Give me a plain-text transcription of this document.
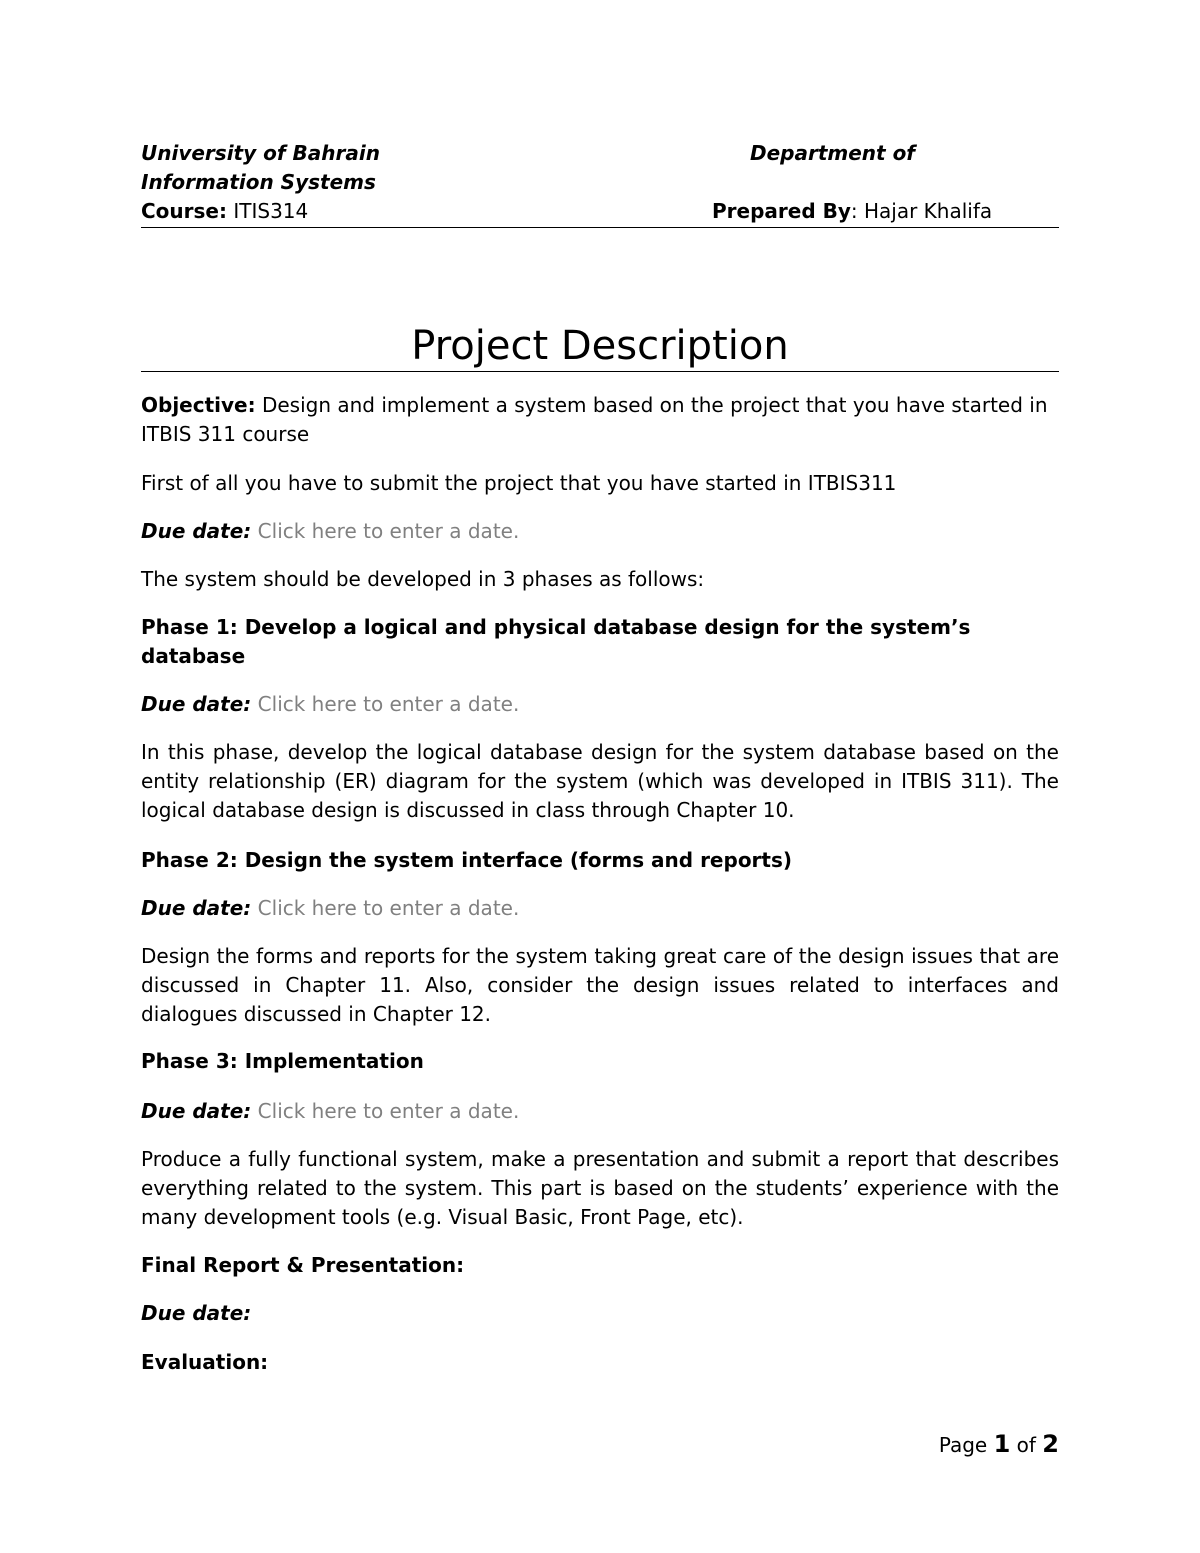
University of Bahrain	Department of
Information Systems
Course: ITIS314	Prepared By: Hajar Khalifa
Project Description
Objective: Design and implement a system based on the project that you have started in ITBIS 311 course
First of all you have to submit the project that you have started in ITBIS311
Due date: Click here to enter a date.
The system should be developed in 3 phases as follows:
Phase 1: Develop a logical and physical database design for the system’s database
Due date: Click here to enter a date.
In this phase, develop the logical database design for the system database based on the entity relationship (ER) diagram for the system (which was developed in ITBIS 311). The logical database design is discussed in class through Chapter 10.
Phase 2: Design the system interface (forms and reports)
Due date: Click here to enter a date.
Design the forms and reports for the system taking great care of the design issues that are discussed in Chapter 11. Also, consider the design issues related to interfaces and dialogues discussed in Chapter 12.
Phase 3: Implementation
Due date: Click here to enter a date.
Produce a fully functional system, make a presentation and submit a report that describes everything related to the system. This part is based on the students’ experience with the many development tools (e.g. Visual Basic, Front Page, etc).
Final Report & Presentation:
Due date:
Evaluation:
Page 1 of 2
